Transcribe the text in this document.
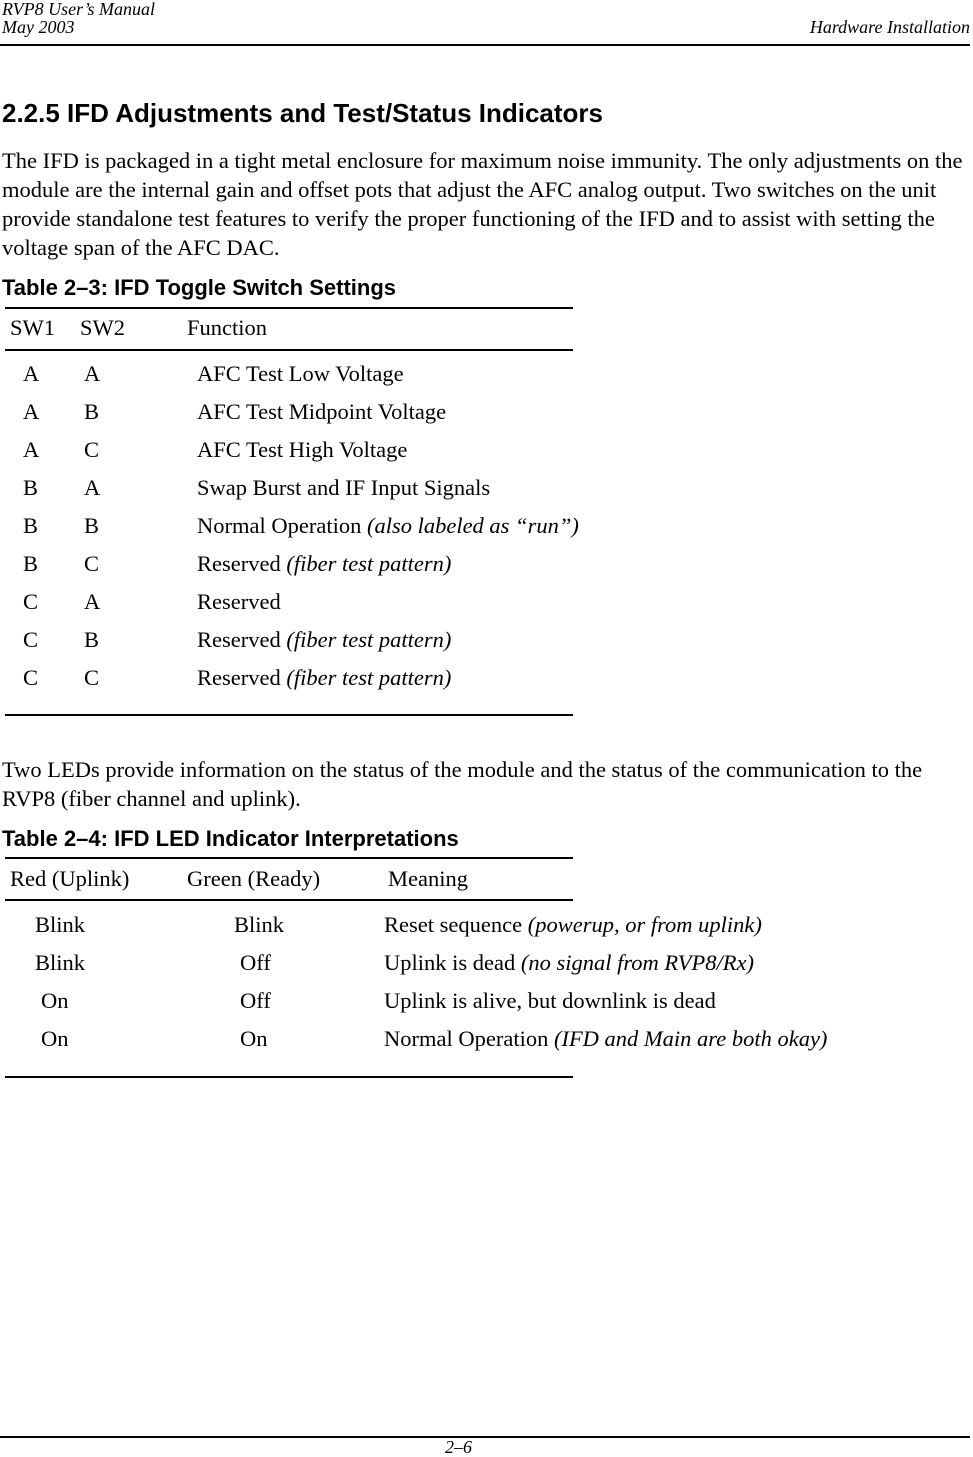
RVP8 User’s Manual
May 2003	Hardware Installation
2.2.5 IFD Adjustments and Test/Status Indicators

The IFD is packaged in a tight metal enclosure for maximum noise immunity. The only adjustments on the module are the internal gain and offset pots that adjust the AFC analog output. Two switches on the unit provide standalone test features to verify the proper functioning of the IFD and to assist with setting the voltage span of the AFC DAC.

Table 2–3: IFD Toggle Switch Settings
SW1 SW2	Function
A A	AFC Test Low Voltage
A B	AFC Test Midpoint Voltage
A C	AFC Test High Voltage
B A	Swap Burst and IF Input Signals
B B	Normal Operation (also labeled as “run”)
B C	Reserved (fiber test pattern)
C A	Reserved
C B	Reserved (fiber test pattern)
C C	Reserved (fiber test pattern)

Two LEDs provide information on the status of the module and the status of the communication to the RVP8 (fiber channel and uplink).

Table 2–4: IFD LED Indicator Interpretations
Red (Uplink)	Green (Ready)	Meaning
Blink	Blink	Reset sequence (powerup, or from uplink)
Blink	Off	Uplink is dead (no signal from RVP8/Rx)
On	Off	Uplink is alive, but downlink is dead
On	On	Normal Operation (IFD and Main are both okay)
2–6
